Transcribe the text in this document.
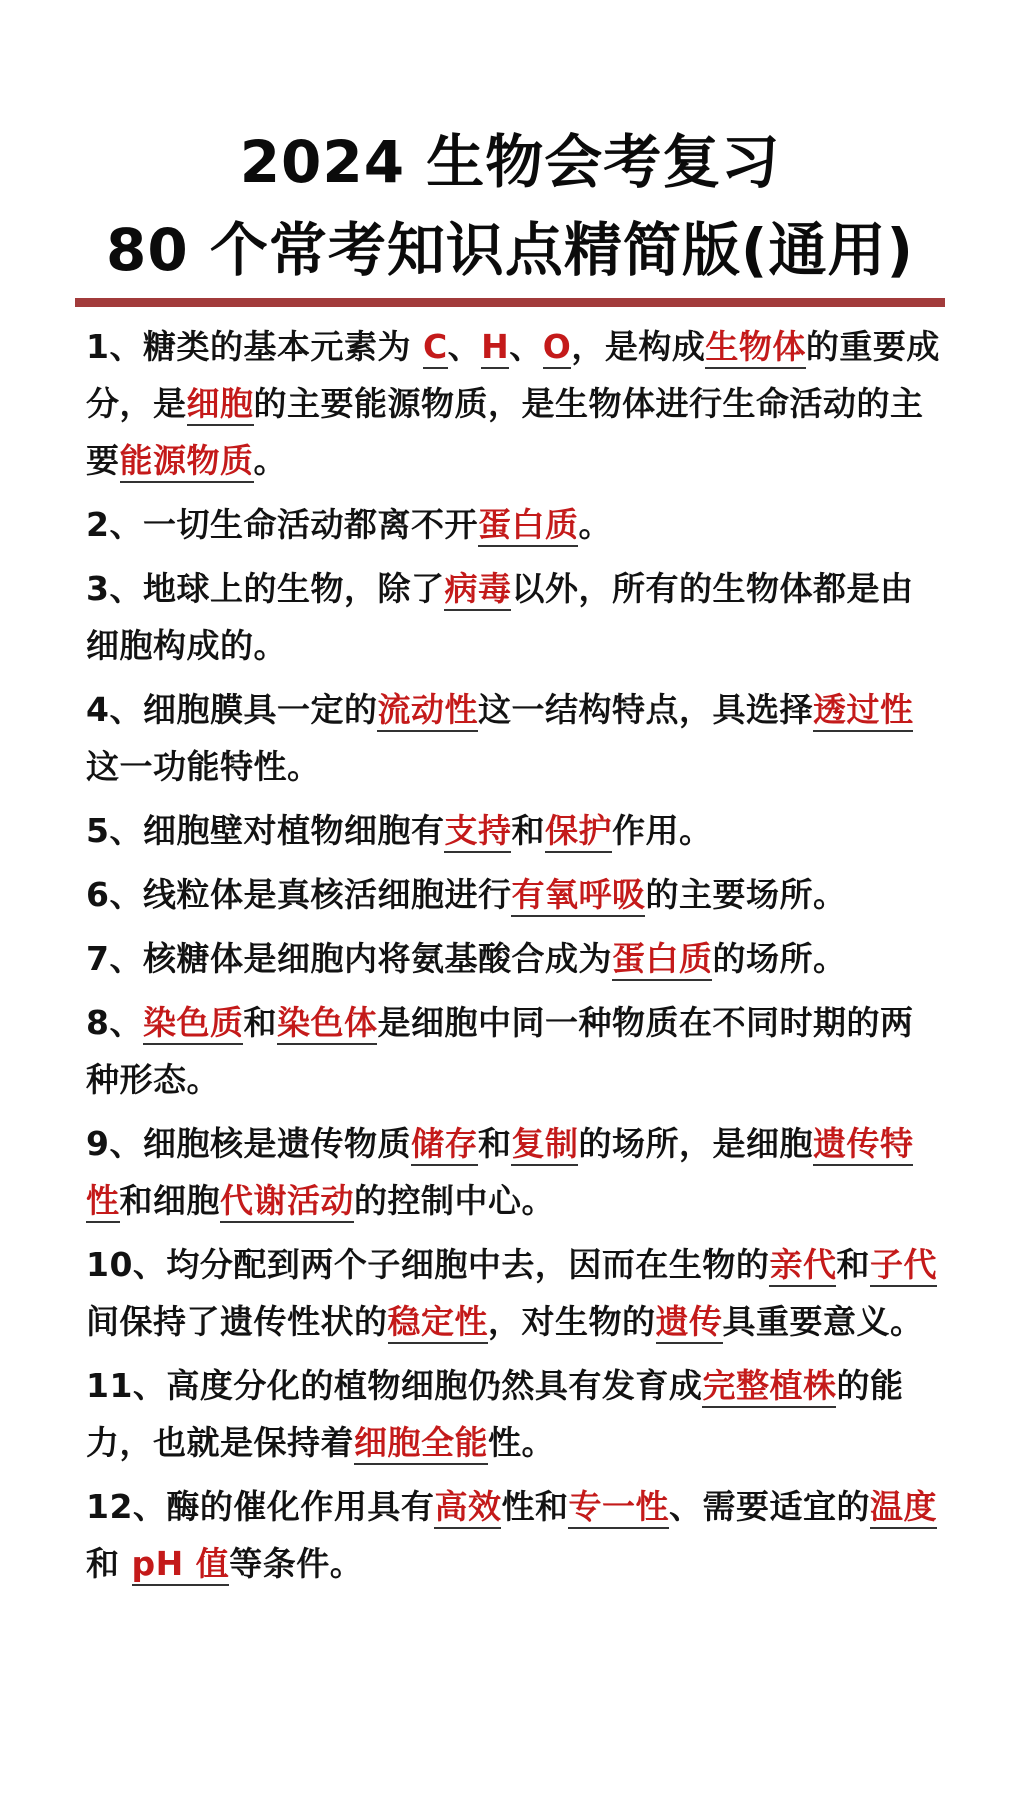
2024 生物会考复习
80 个常考知识点精简版(通用)
1、糖类的基本元素为 C、H、O，是构成生物体的重要成分，是细胞的主要能源物质，是生物体进行生命活动的主要能源物质。
2、一切生命活动都离不开蛋白质。
3、地球上的生物，除了病毒以外，所有的生物体都是由细胞构成的。
4、细胞膜具一定的流动性这一结构特点，具选择透过性这一功能特性。
5、细胞壁对植物细胞有支持和保护作用。
6、线粒体是真核活细胞进行有氧呼吸的主要场所。
7、核糖体是细胞内将氨基酸合成为蛋白质的场所。
8、染色质和染色体是细胞中同一种物质在不同时期的两种形态。
9、细胞核是遗传物质储存和复制的场所，是细胞遗传特性和细胞代谢活动的控制中心。
10、均分配到两个子细胞中去，因而在生物的亲代和子代间保持了遗传性状的稳定性，对生物的遗传具重要意义。
11、高度分化的植物细胞仍然具有发育成完整植株的能力，也就是保持着细胞全能性。
12、酶的催化作用具有高效性和专一性、需要适宜的温度和 pH 值等条件。
